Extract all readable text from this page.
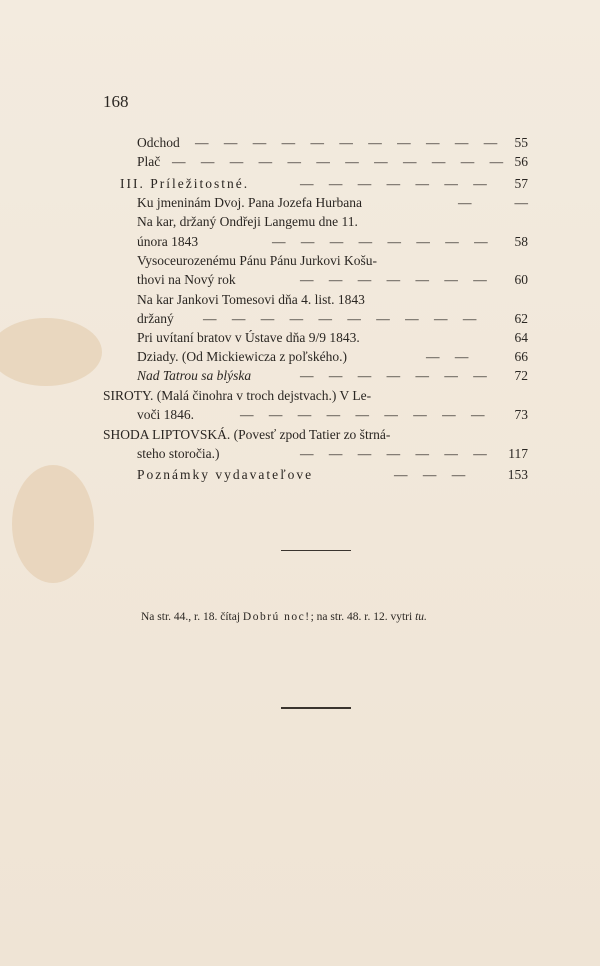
168
Odchod — — — — — — — — — — — 55
Plač — — — — — — — — — — — — 56
III. Príležitostné.	— — — — — — — 57
Ku jmeninám Dvoj. Pana Jozefa Hurbana	—	—
Na kar, držaný Ondřeji Langemu dne 11.
února 1843	— — — — — — — — 58
Vysoceurozenému Pánu Pánu Jurkovi Košu-
thovi na Nový rok	— — — — — — — 60
Na kar Jankovi Tomesovi dňa 4. list. 1843
držaný — — — — — — — — — — 62
Pri uvítaní bratov v Ústave dňa 9/9 1843.	64
Dziady. (Od Mickiewicza z poľského.)	— —	66
Nad Tatrou sa blýska	— — — — — — — 72
SIROTY. (Malá činohra v troch dejstvach.) V Le-
voči 1846.	— — — — — — — — — 73
SHODA LIPTOVSKÁ. (Povesť zpod Tatier zo štrná-
steho storočia.)	— — — — — — — 117
Poznámky vydavateľove	— — —	153
Na str. 44., r. 18. čítaj Dobrú noc!; na str. 48. r. 12. vytri tu.
